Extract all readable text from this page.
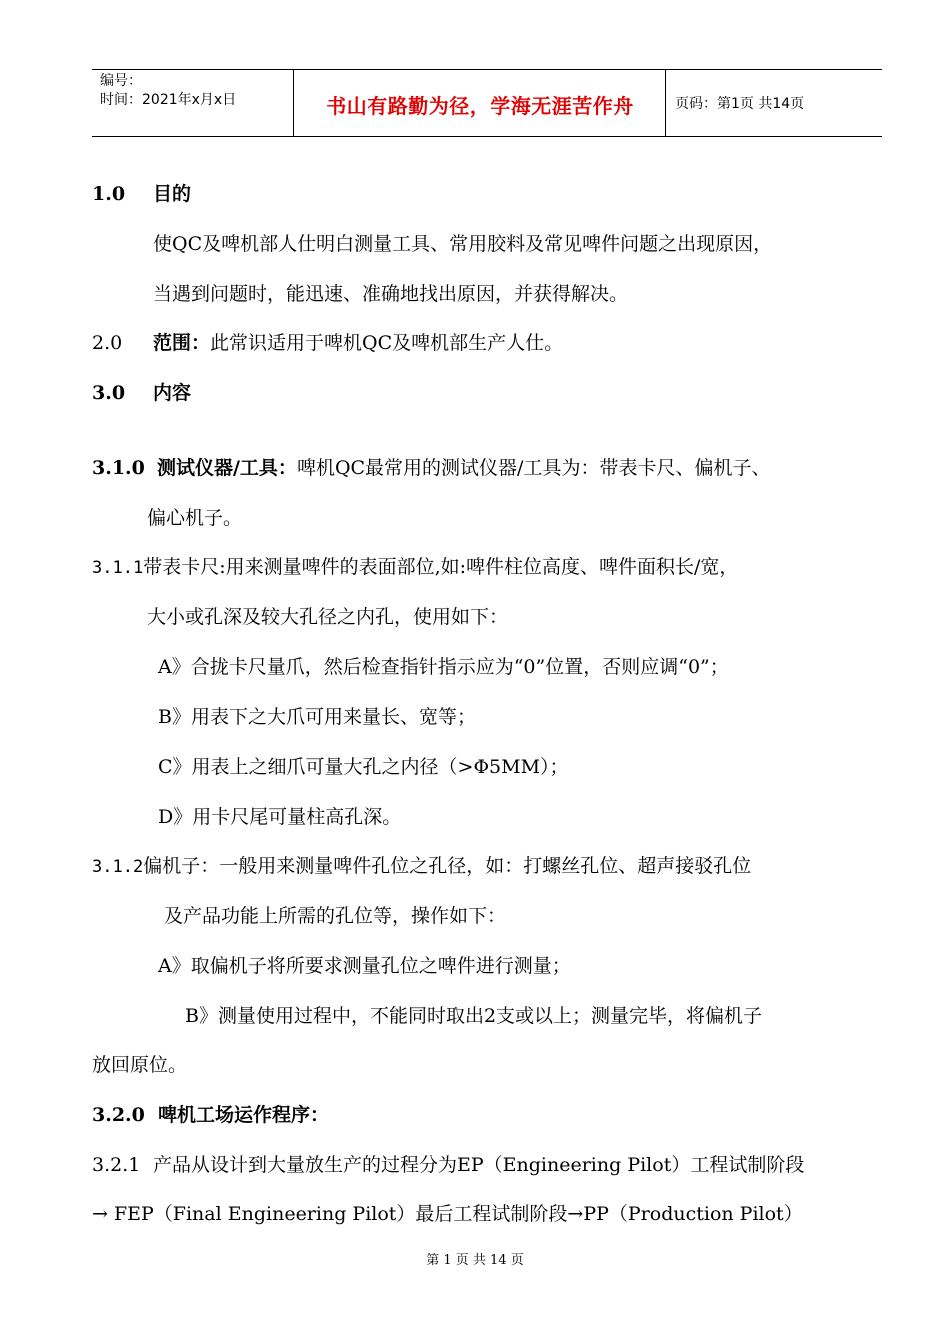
编号：
时间：2021年x月x日	书山有路勤为径，学海无涯苦作舟	页码：第1页 共14页
1.0 目的
使QC及啤机部人仕明白测量工具、常用胶料及常见啤件问题之出现原因，
当遇到问题时，能迅速、准确地找出原因，并获得解决。
2.0 范围：此常识适用于啤机QC及啤机部生产人仕。
3.0 内容
3.1.0 测试仪器/工具：啤机QC最常用的测试仪器/工具为：带表卡尺、偏机子、
偏心机子。
3.1.1带表卡尺:用来测量啤件的表面部位,如:啤件柱位高度、啤件面积长/宽，
大小或孔深及较大孔径之内孔，使用如下：
A》合拢卡尺量爪，然后检查指针指示应为“0”位置，否则应调“0”；
B》用表下之大爪可用来量长、宽等；
C》用表上之细爪可量大孔之内径（>Φ5MM）；
D》用卡尺尾可量柱高孔深。
3.1.2偏机子：一般用来测量啤件孔位之孔径，如：打螺丝孔位、超声接驳孔位
及产品功能上所需的孔位等，操作如下：
A》取偏机子将所要求测量孔位之啤件进行测量；
B》测量使用过程中，不能同时取出2支或以上；测量完毕，将偏机子
放回原位。
3.2.0 啤机工场运作程序：
3.2.1 产品从设计到大量放生产的过程分为EP（Engineering Pilot）工程试制阶段
→ FEP（Final Engineering Pilot）最后工程试制阶段→PP（Production Pilot）
第 1 页 共 14 页
